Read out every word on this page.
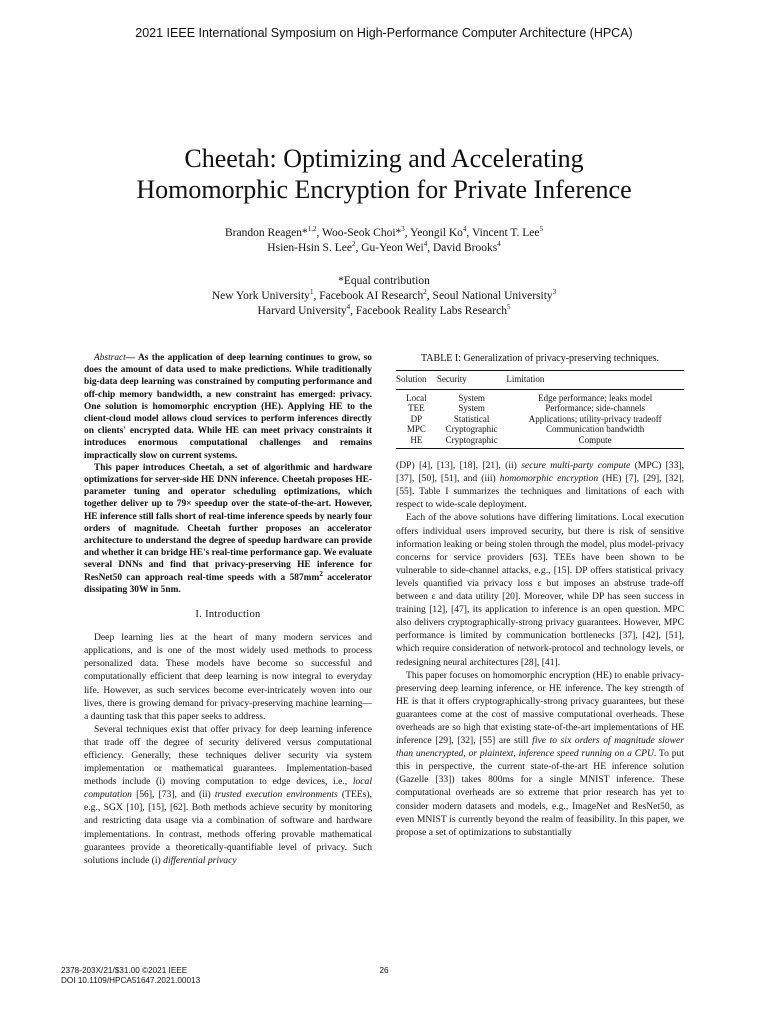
2021 IEEE International Symposium on High-Performance Computer Architecture (HPCA)
Cheetah: Optimizing and Accelerating
Homomorphic Encryption for Private Inference
Brandon Reagen*$^{1,2}$, Woo-Seok Choi*$^3$, Yeongil Ko$^4$, Vincent T. Lee$^5$
Hsien-Hsin S. Lee$^2$, Gu-Yeon Wei$^4$, David Brooks$^4$
*Equal contribution
New York University$^1$, Facebook AI Research$^2$, Seoul National University$^3$
Harvard University$^4$, Facebook Reality Labs Research$^5$

Abstract— As the application of deep learning continues to grow, so does the amount of data used to make predictions. While traditionally big-data deep learning was constrained by computing performance and off-chip memory bandwidth, a new constraint has emerged: privacy. One solution is homomorphic encryption (HE). Applying HE to the client-cloud model allows cloud services to perform inferences directly on clients' encrypted data. While HE can meet privacy constraints it introduces enormous computational challenges and remains impractically slow on current systems.

This paper introduces Cheetah, a set of algorithmic and hardware optimizations for server-side HE DNN inference. Cheetah proposes HE-parameter tuning and operator scheduling optimizations, which together deliver up to 79× speedup over the state-of-the-art. However, HE inference still falls short of real-time inference speeds by nearly four orders of magnitude. Cheetah further proposes an accelerator architecture to understand the degree of speedup hardware can provide and whether it can bridge HE's real-time performance gap. We evaluate several DNNs and find that privacy-preserving HE inference for ResNet50 can approach real-time speeds with a $587mm^2$ accelerator dissipating 30W in 5nm.

I. Introduction

Deep learning lies at the heart of many modern services and applications, and is one of the most widely used methods to process personalized data. These models have become so successful and computationally efficient that deep learning is now integral to everyday life. However, as such services become ever-intricately woven into our lives, there is growing demand for privacy-preserving machine learning—a daunting task that this paper seeks to address.

Several techniques exist that offer privacy for deep learning inference that trade off the degree of security delivered versus computational efficiency. Generally, these techniques deliver security via system implementation or mathematical guarantees. Implementation-based methods include (i) moving computation to edge devices, i.e., local computation [56], [73], and (ii) trusted execution environments (TEEs), e.g., SGX [10], [15], [62]. Both methods achieve security by monitoring and restricting data usage via a combination of software and hardware implementations. In contrast, methods offering provable mathematical guarantees provide a theoretically-quantifiable level of privacy. Such solutions include (i) differential privacy

TABLE I: Generalization of privacy-preserving techniques.
Solution	Security	Limitation
Local	System	Edge performance; leaks model
TEE	System	Performance; side-channels
DP	Statistical	Applications; utility-privacy tradeoff
MPC	Cryptographic	Communication bandwidth
HE	Cryptographic	Compute

(DP) [4], [13], [18], [21], (ii) secure multi-party compute (MPC) [33], [37], [50], [51], and (iii) homomorphic encryption (HE) [7], [29], [32], [55]. Table I summarizes the techniques and limitations of each with respect to wide-scale deployment.

Each of the above solutions have differing limitations. Local execution offers individual users improved security, but there is risk of sensitive information leaking or being stolen through the model, plus model-privacy concerns for service providers [63]. TEEs have been shown to be vulnerable to side-channel attacks, e.g., [15]. DP offers statistical privacy levels quantified via privacy loss ε but imposes an abstruse trade-off between ε and data utility [20]. Moreover, while DP has seen success in training [12], [47], its application to inference is an open question. MPC also delivers cryptographically-strong privacy guarantees. However, MPC performance is limited by communication bottlenecks [37], [42], [51], which require consideration of network-protocol and technology levels, or redesigning neural architectures [28], [41].

This paper focuses on homomorphic encryption (HE) to enable privacy-preserving deep learning inference, or HE inference. The key strength of HE is that it offers cryptographically-strong privacy guarantees, but these guarantees come at the cost of massive computational overheads. These overheads are so high that existing state-of-the-art implementations of HE inference [29], [32], [55] are still five to six orders of magnitude slower than unencrypted, or plaintext, inference speed running on a CPU. To put this in perspective, the current state-of-the-art HE inference solution (Gazelle [33]) takes 800ms for a single MNIST inference. These computational overheads are so extreme that prior research has yet to consider modern datasets and models, e.g., ImageNet and ResNet50, as even MNIST is currently beyond the realm of feasibility. In this paper, we propose a set of optimizations to substantially

2378-203X/21/$31.00 ©2021 IEEE
DOI 10.1109/HPCA51647.2021.00013
26
